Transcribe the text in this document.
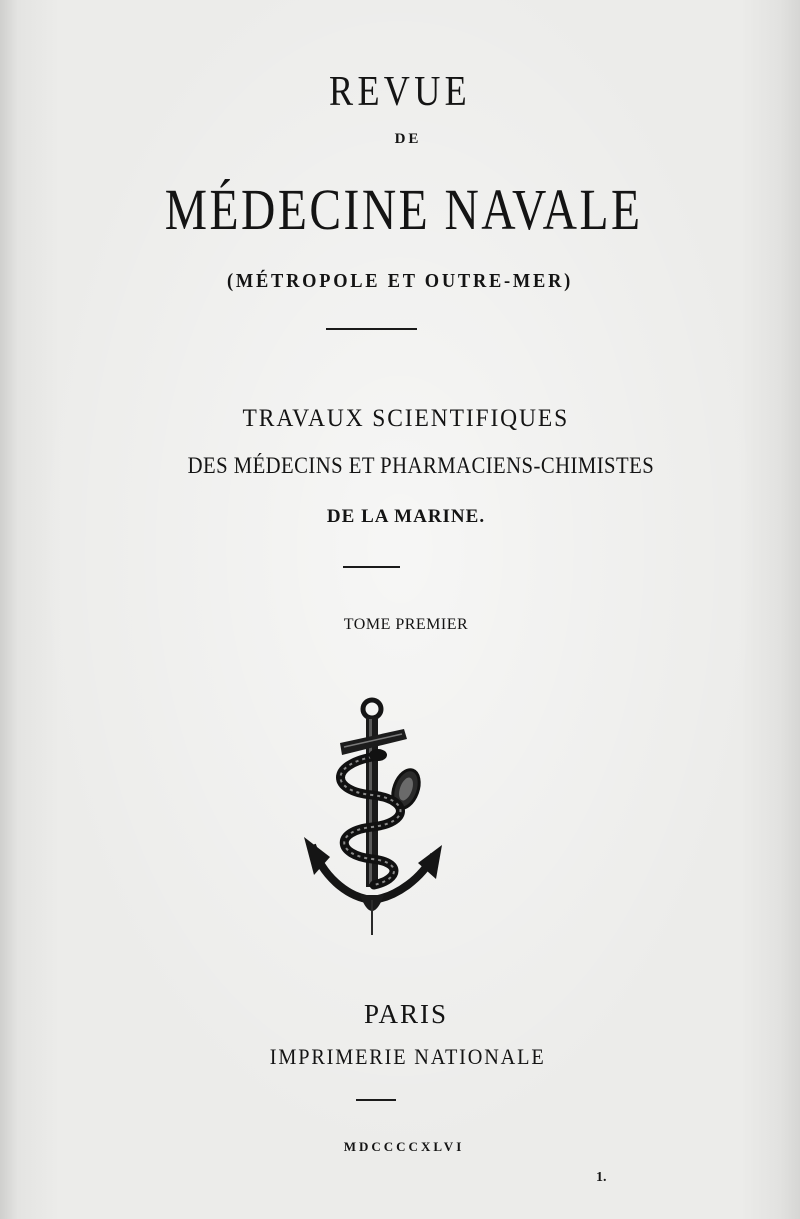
REVUE
DE
MÉDECINE NAVALE
(MÉTROPOLE ET OUTRE-MER)
TRAVAUX SCIENTIFIQUES
DES MÉDECINS ET PHARMACIENS-CHIMISTES
DE LA MARINE.
TOME PREMIER
PARIS
IMPRIMERIE NATIONALE
MDCCCCXLVI
1.
